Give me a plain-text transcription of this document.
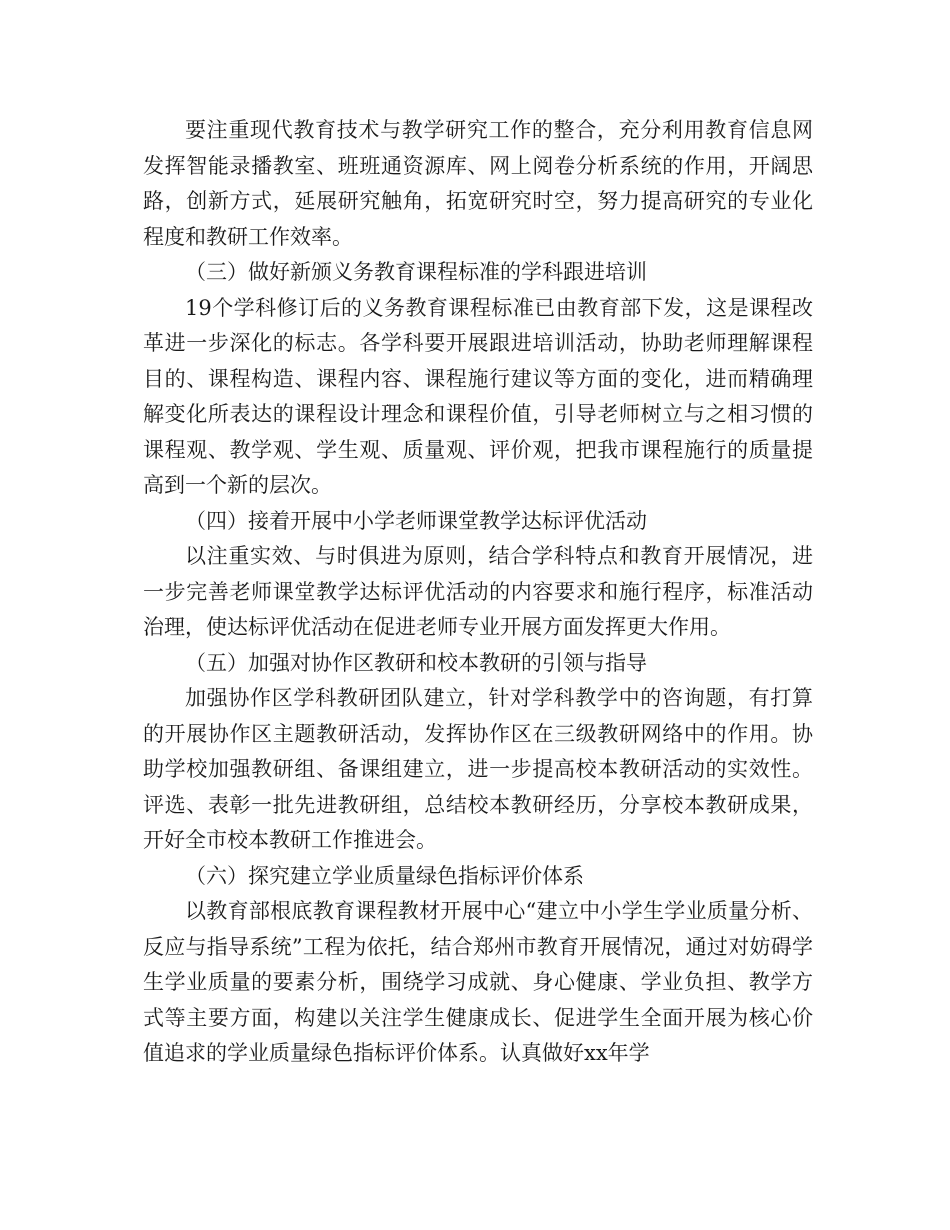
要注重现代教育技术与教学研究工作的整合，充分利用教育信息网发挥智能录播教室、班班通资源库、网上阅卷分析系统的作用，开阔思路，创新方式，延展研究触角，拓宽研究时空，努力提高研究的专业化程度和教研工作效率。

（三）做好新颁义务教育课程标准的学科跟进培训

19个学科修订后的义务教育课程标准已由教育部下发，这是课程改革进一步深化的标志。各学科要开展跟进培训活动，协助老师理解课程目的、课程构造、课程内容、课程施行建议等方面的变化，进而精确理解变化所表达的课程设计理念和课程价值，引导老师树立与之相习惯的课程观、教学观、学生观、质量观、评价观，把我市课程施行的质量提高到一个新的层次。

（四）接着开展中小学老师课堂教学达标评优活动

以注重实效、与时俱进为原则，结合学科特点和教育开展情况，进一步完善老师课堂教学达标评优活动的内容要求和施行程序，标准活动治理，使达标评优活动在促进老师专业开展方面发挥更大作用。

（五）加强对协作区教研和校本教研的引领与指导

加强协作区学科教研团队建立，针对学科教学中的咨询题，有打算的开展协作区主题教研活动，发挥协作区在三级教研网络中的作用。协助学校加强教研组、备课组建立，进一步提高校本教研活动的实效性。评选、表彰一批先进教研组，总结校本教研经历，分享校本教研成果，开好全市校本教研工作推进会。

（六）探究建立学业质量绿色指标评价体系

以教育部根底教育课程教材开展中心“建立中小学生学业质量分析、反应与指导系统”工程为依托，结合郑州市教育开展情况，通过对妨碍学生学业质量的要素分析，围绕学习成就、身心健康、学业负担、教学方式等主要方面，构建以关注学生健康成长、促进学生全面开展为核心价值追求的学业质量绿色指标评价体系。认真做好xx年学
